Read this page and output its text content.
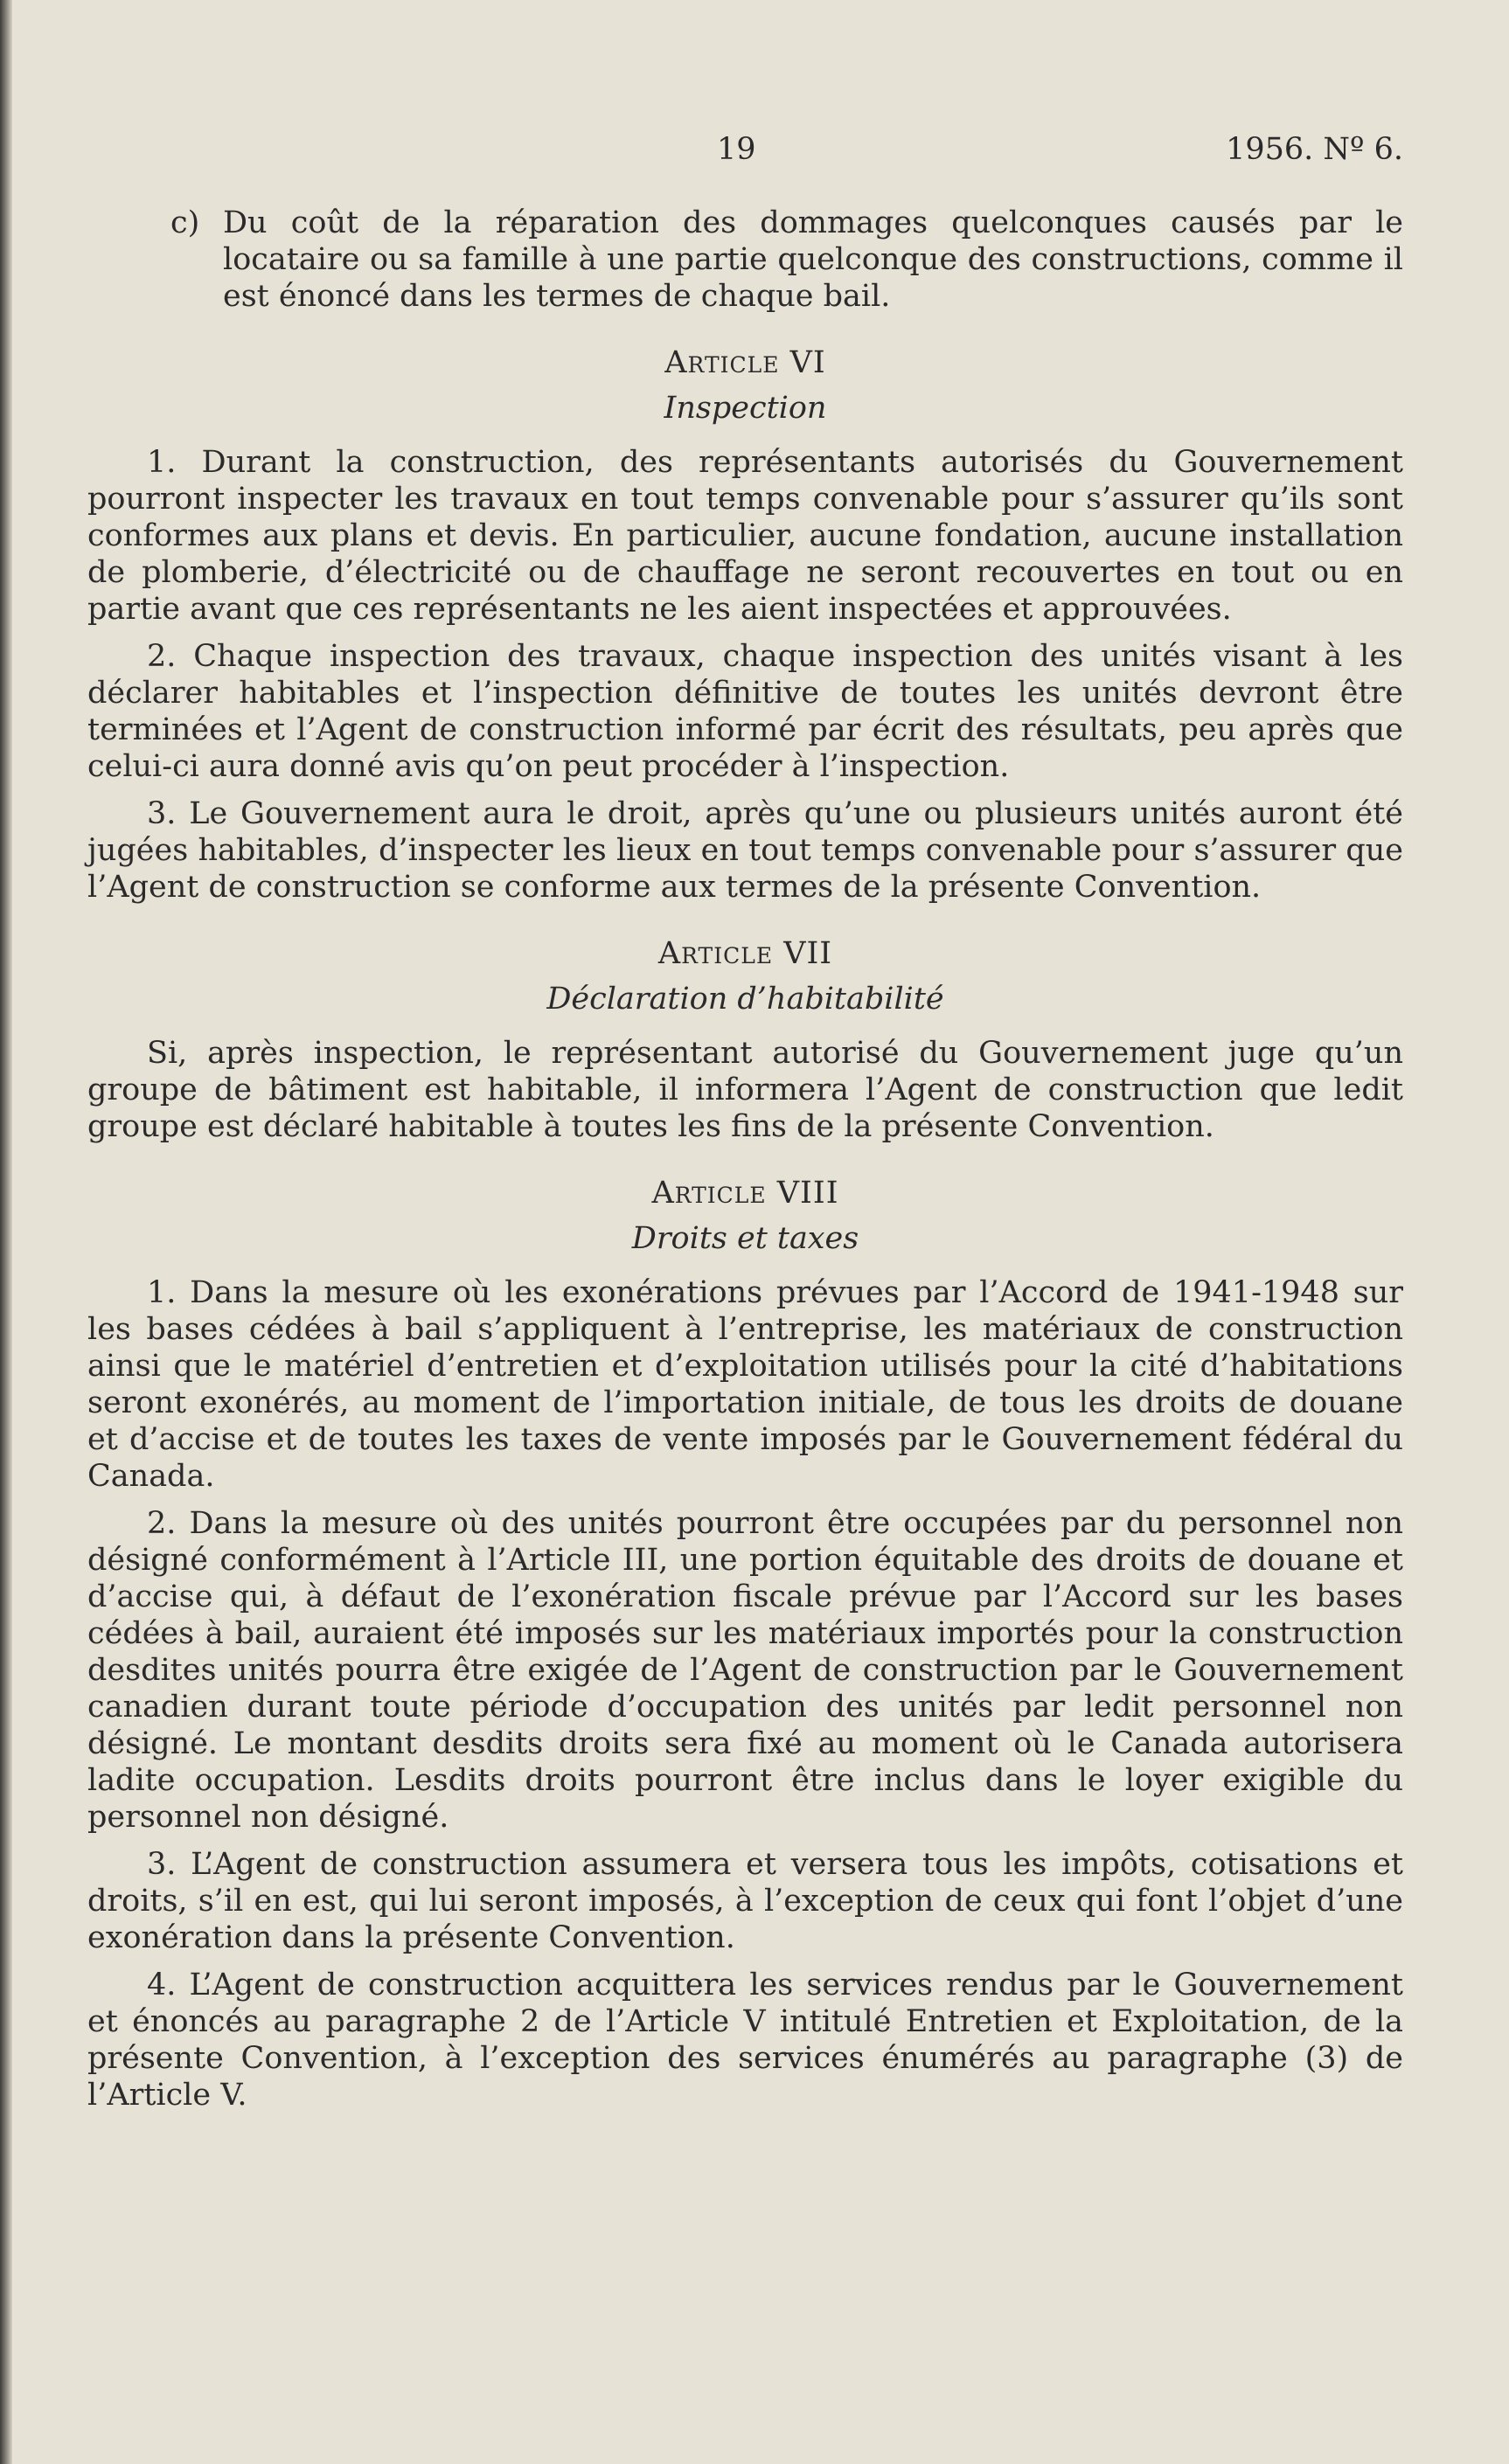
19	1956. Nº 6.
c) Du coût de la réparation des dommages quelconques causés par le locataire ou sa famille à une partie quelconque des constructions, comme il est énoncé dans les termes de chaque bail.
Article VI
Inspection

1. Durant la construction, des représentants autorisés du Gouvernement pourront inspecter les travaux en tout temps convenable pour s’assurer qu’ils sont conformes aux plans et devis. En particulier, aucune fondation, aucune installation de plomberie, d’électricité ou de chauffage ne seront recouvertes en tout ou en partie avant que ces représentants ne les aient inspectées et approuvées.

2. Chaque inspection des travaux, chaque inspection des unités visant à les déclarer habitables et l’inspection définitive de toutes les unités devront être terminées et l’Agent de construction informé par écrit des résultats, peu après que celui-ci aura donné avis qu’on peut procéder à l’inspection.

3. Le Gouvernement aura le droit, après qu’une ou plusieurs unités auront été jugées habitables, d’inspecter les lieux en tout temps convenable pour s’assurer que l’Agent de construction se conforme aux termes de la présente Convention.

Article VII
Déclaration d’habitabilité

Si, après inspection, le représentant autorisé du Gouvernement juge qu’un groupe de bâtiment est habitable, il informera l’Agent de construction que ledit groupe est déclaré habitable à toutes les fins de la présente Convention.

Article VIII
Droits et taxes

1. Dans la mesure où les exonérations prévues par l’Accord de 1941-1948 sur les bases cédées à bail s’appliquent à l’entreprise, les matériaux de construction ainsi que le matériel d’entretien et d’exploitation utilisés pour la cité d’habitations seront exonérés, au moment de l’importation initiale, de tous les droits de douane et d’accise et de toutes les taxes de vente imposés par le Gouvernement fédéral du Canada.

2. Dans la mesure où des unités pourront être occupées par du personnel non désigné conformément à l’Article III, une portion équitable des droits de douane et d’accise qui, à défaut de l’exonération fiscale prévue par l’Accord sur les bases cédées à bail, auraient été imposés sur les matériaux importés pour la construction desdites unités pourra être exigée de l’Agent de construction par le Gouvernement canadien durant toute période d’occupation des unités par ledit personnel non désigné. Le montant desdits droits sera fixé au moment où le Canada autorisera ladite occupation. Lesdits droits pourront être inclus dans le loyer exigible du personnel non désigné.

3. L’Agent de construction assumera et versera tous les impôts, cotisations et droits, s’il en est, qui lui seront imposés, à l’exception de ceux qui font l’objet d’une exonération dans la présente Convention.

4. L’Agent de construction acquittera les services rendus par le Gouvernement et énoncés au paragraphe 2 de l’Article V intitulé Entretien et Exploitation, de la présente Convention, à l’exception des services énumérés au paragraphe (3) de l’Article V.
